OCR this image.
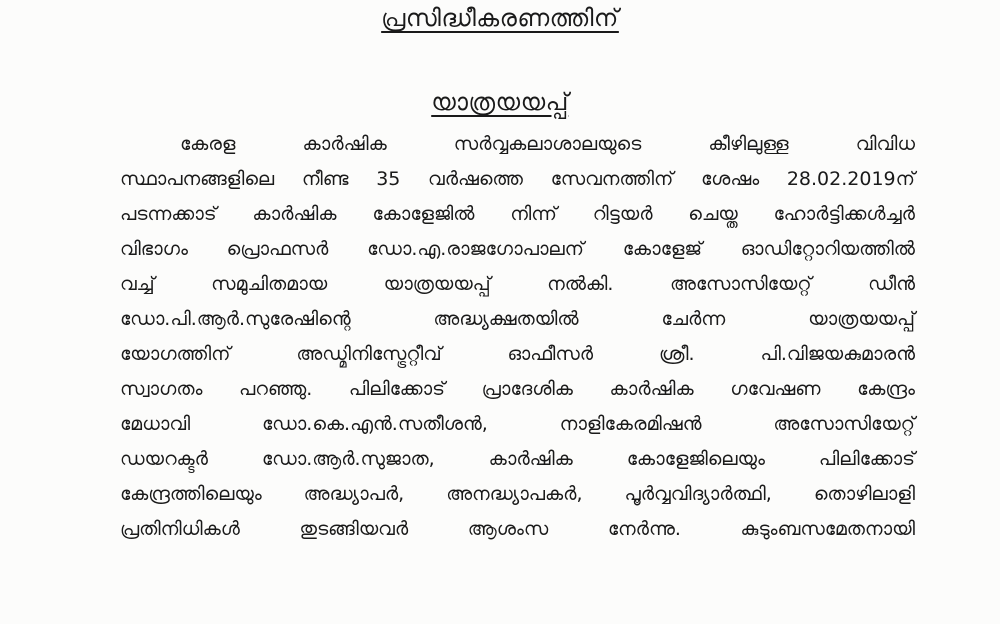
പ്രസിദ്ധീകരണത്തിന്
യാത്രയയപ്പ്
കേരള	കാർഷിക	സർവ്വകലാശാലയുടെ	കീഴിലുള്ള	വിവിധ
സ്ഥാപനങ്ങളിലെ നീണ്ട 35 വർഷത്തെ സേവനത്തിന് ശേഷം 28.02.2019ന്
പടന്നക്കാട് കാർഷിക കോളേജിൽ നിന്ന് റിട്ടയർ ചെയ്ത ഹോർട്ടിക്കൾച്ചർ
വിഭാഗം പ്രൊഫസർ ഡോ.എ.രാജഗോപാലന് കോളേജ് ഓഡിറ്റോറിയത്തിൽ
വച്ച്	സമുചിതമായ	യാത്രയയപ്പ്	നൽകി.	അസോസിയേറ്റ്	ഡീൻ
ഡോ.പി.ആർ.സുരേഷിന്റെ	അദ്ധ്യക്ഷതയിൽ	ചേർന്ന	യാത്രയയപ്പ്
യോഗത്തിന്	അഡ്മിനിസ്ട്രേറ്റീവ്	ഓഫീസർ	ശ്രീ.	പി.വിജയകുമാരൻ
സ്വാഗതം പറഞ്ഞു. പിലിക്കോട് പ്രാദേശിക കാർഷിക ഗവേഷണ കേന്ദ്രം
മേധാവി	ഡോ.കെ.എൻ.സതീശൻ,	നാളികേരമിഷൻ	അസോസിയേറ്റ്
ഡയറക്ടർ	ഡോ.ആർ.സുജാത,	കാർഷിക	കോളേജിലെയും	പിലിക്കോട്
കേന്ദ്രത്തിലെയും അദ്ധ്യാപർ, അനദ്ധ്യാപകർ, പൂർവ്വവിദ്യാർത്ഥി, തൊഴിലാളി
പ്രതിനിധികൾ	തുടങ്ങിയവർ	ആശംസ	നേർന്നു.	കുടുംബസമേതനായി
